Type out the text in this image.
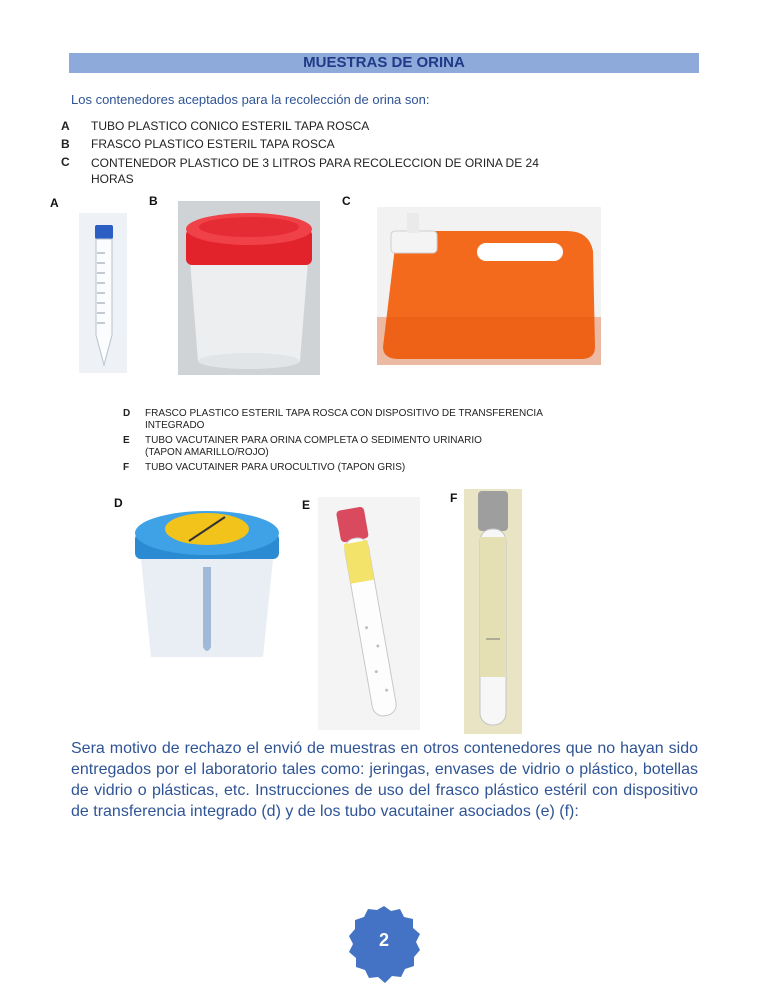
MUESTRAS DE ORINA
Los contenedores aceptados para la recolección de orina son:
A	TUBO PLASTICO CONICO ESTERIL TAPA ROSCA
B	FRASCO PLASTICO ESTERIL TAPA ROSCA
C	CONTENEDOR PLASTICO DE 3 LITROS PARA RECOLECCION DE ORINA DE 24
HORAS
A	B	C
D	FRASCO PLASTICO ESTERIL TAPA ROSCA CON DISPOSITIVO DE TRANSFERENCIA
INTEGRADO
E	TUBO VACUTAINER PARA ORINA COMPLETA O SEDIMENTO URINARIO
(TAPON AMARILLO/ROJO)
F	TUBO VACUTAINER PARA UROCULTIVO (TAPON GRIS)
D	E	F
Sera motivo de rechazo el envió de muestras en otros contenedores que no hayan sido entregados por el laboratorio tales como: jeringas, envases de vidrio o plástico, botellas de vidrio o plásticas, etc. Instrucciones de uso del frasco plástico estéril con dispositivo de transferencia integrado (d) y de los tubo vacutainer asociados (e) (f):
2
